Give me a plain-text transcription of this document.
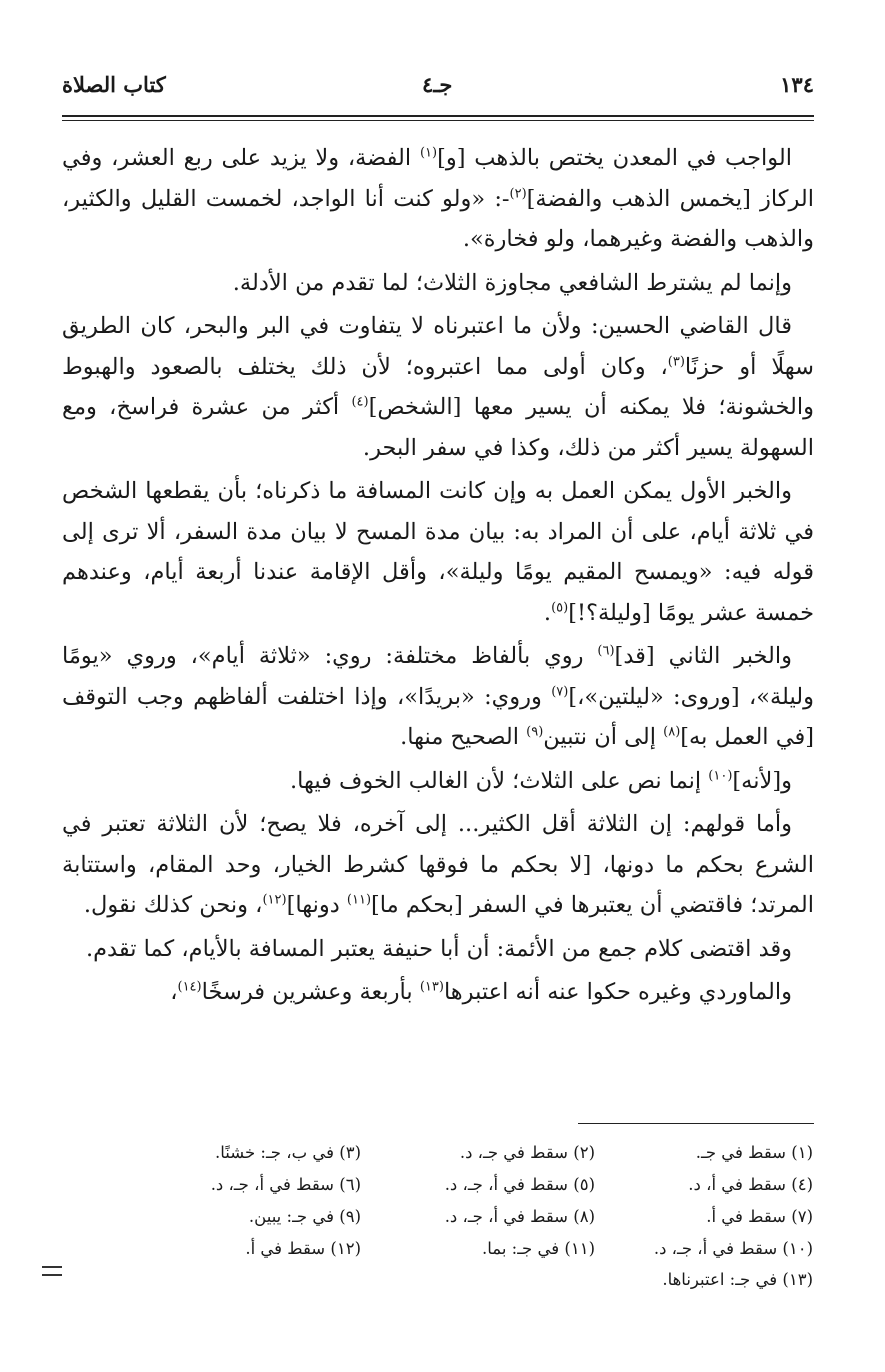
١٣٤
جـ٤
كتاب الصلاة

الواجب في المعدن يختص بالذهب [و]$^{(١)}$ الفضة، ولا يزيد على ربع العشر، وفي الركاز [يخمس الذهب والفضة]$^{(٢)}$-: «ولو كنت أنا الواجد، لخمست القليل والكثير، والذهب والفضة وغيرهما، ولو فخارة».

وإنما لم يشترط الشافعي مجاوزة الثلاث؛ لما تقدم من الأدلة.

قال القاضي الحسين: ولأن ما اعتبرناه لا يتفاوت في البر والبحر، كان الطريق سهلًا أو حزنًا$^{(٣)}$، وكان أولى مما اعتبروه؛ لأن ذلك يختلف بالصعود والهبوط والخشونة؛ فلا يمكنه أن يسير معها [الشخص]$^{(٤)}$ أكثر من عشرة فراسخ، ومع السهولة يسير أكثر من ذلك، وكذا في سفر البحر.

والخبر الأول يمكن العمل به وإن كانت المسافة ما ذكرناه؛ بأن يقطعها الشخص في ثلاثة أيام، على أن المراد به: بيان مدة المسح لا بيان مدة السفر، ألا ترى إلى قوله فيه: «ويمسح المقيم يومًا وليلة»، وأقل الإقامة عندنا أربعة أيام، وعندهم خمسة عشر يومًا [وليلة؟!]$^{(٥)}$.

والخبر الثاني [قد]$^{(٦)}$ روي بألفاظ مختلفة: روي: «ثلاثة أيام»، وروي «يومًا وليلة»، [وروى: «ليلتين»،]$^{(٧)}$ وروي: «بريدًا»، وإذا اختلفت ألفاظهم وجب التوقف [في العمل به]$^{(٨)}$ إلى أن نتبين$^{(٩)}$ الصحيح منها.

و[لأنه]$^{(١٠)}$ إنما نص على الثلاث؛ لأن الغالب الخوف فيها.

وأما قولهم: إن الثلاثة أقل الكثير... إلى آخره، فلا يصح؛ لأن الثلاثة تعتبر في الشرع بحكم ما دونها، [لا بحكم ما فوقها كشرط الخيار، وحد المقام، واستتابة المرتد؛ فاقتضي أن يعتبرها في السفر [بحكم ما]$^{(١١)}$ دونها]$^{(١٢)}$، ونحن كذلك نقول.

وقد اقتضى كلام جمع من الأئمة: أن أبا حنيفة يعتبر المسافة بالأيام، كما تقدم.

والماوردي وغيره حكوا عنه أنه اعتبرها$^{(١٣)}$ بأربعة وعشرين فرسخًا$^{(١٤)}$،

(١) سقط في جـ.
(٢) سقط في جـ، د.
(٣) في ب، جـ: خشنًا.
(٤) سقط في أ، د.
(٥) سقط في أ، جـ، د.
(٦) سقط في أ، جـ، د.
(٧) سقط في أ.
(٨) سقط في أ، جـ، د.
(٩) في جـ: يبين.
(١٠) سقط في أ، جـ، د.
(١١) في جـ: بما.
(١٢) سقط في أ.
(١٣) في جـ: اعتبرناها.
